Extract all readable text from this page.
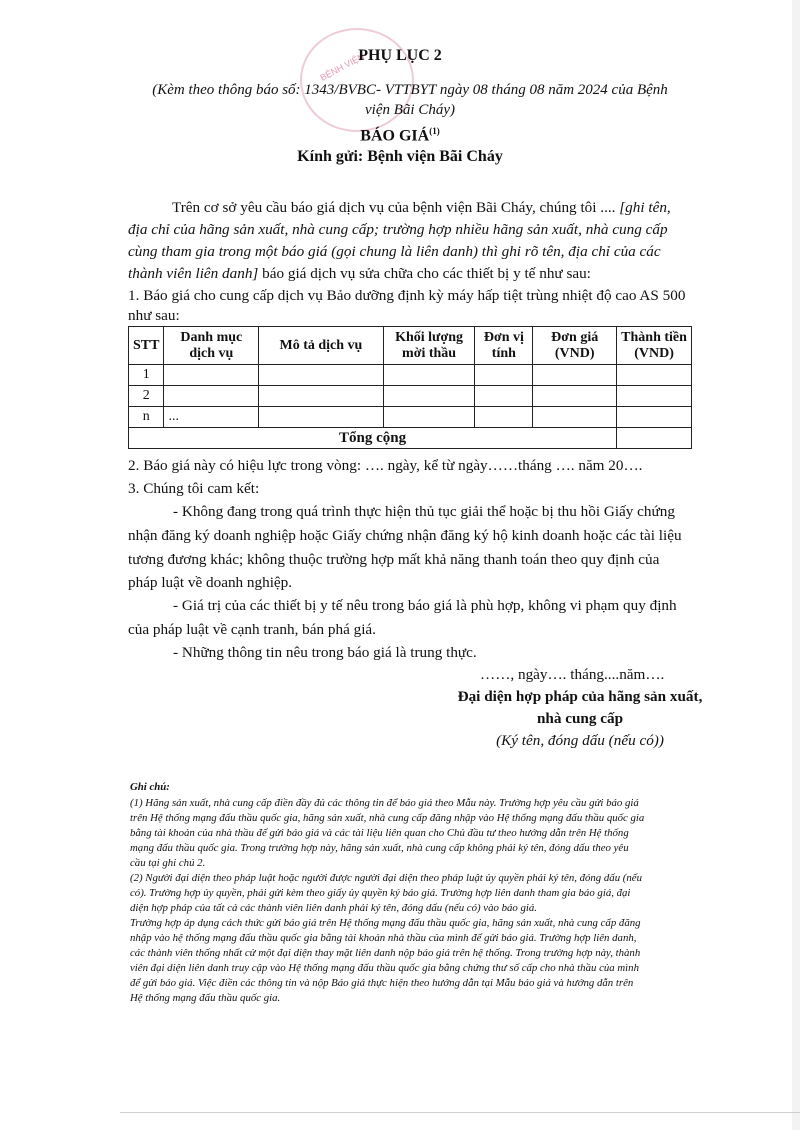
BỆNH VIỆN
PHỤ LỤC 2
(Kèm theo thông báo số: 1343/BVBC- VTTBYT ngày 08 tháng 08 năm 2024 của Bệnh
viện Bãi Cháy)
BÁO GIÁ$^{(1)}$
Kính gửi: Bệnh viện Bãi Cháy
Trên cơ sở yêu cầu báo giá dịch vụ của bệnh viện Bãi Cháy, chúng tôi .... [ghi tên,
địa chỉ của hãng sản xuất, nhà cung cấp; trường hợp nhiều hãng sản xuất, nhà cung cấp
cùng tham gia trong một báo giá (gọi chung là liên danh) thì ghi rõ tên, địa chỉ của các
thành viên liên danh] báo giá dịch vụ sửa chữa cho các thiết bị y tế như sau:
1. Báo giá cho cung cấp dịch vụ Bảo dưỡng định kỳ máy hấp tiệt trùng nhiệt độ cao AS 500
như sau:
STT	Danh mục dịch vụ	Mô tả dịch vụ	Khối lượng mời thầu	Đơn vị tính	Đơn giá (VND)	Thành tiền (VND)
1						
2						
n	...					
Tổng cộng						
2. Báo giá này có hiệu lực trong vòng: …. ngày, kể từ ngày……tháng …. năm 20….
3. Chúng tôi cam kết:
- Không đang trong quá trình thực hiện thủ tục giải thể hoặc bị thu hồi Giấy chứng
nhận đăng ký doanh nghiệp hoặc Giấy chứng nhận đăng ký hộ kinh doanh hoặc các tài liệu
tương đương khác; không thuộc trường hợp mất khả năng thanh toán theo quy định của
pháp luật về doanh nghiệp.
- Giá trị của các thiết bị y tế nêu trong báo giá là phù hợp, không vi phạm quy định
của pháp luật về cạnh tranh, bán phá giá.
- Những thông tin nêu trong báo giá là trung thực.
……, ngày…. tháng....năm….
Đại diện hợp pháp của hãng sản xuất,
nhà cung cấp
(Ký tên, đóng dấu (nếu có))
Ghi chú:
(1) Hãng sản xuất, nhà cung cấp điền đầy đủ các thông tin để báo giá theo Mẫu này. Trường hợp yêu cầu gửi báo giá
trên Hệ thống mạng đấu thầu quốc gia, hãng sản xuất, nhà cung cấp đăng nhập vào Hệ thống mạng đấu thầu quốc gia
bằng tài khoản của nhà thầu để gửi báo giá và các tài liệu liên quan cho Chủ đầu tư theo hướng dẫn trên Hệ thống
mạng đấu thầu quốc gia. Trong trường hợp này, hãng sản xuất, nhà cung cấp không phải ký tên, đóng dấu theo yêu
cầu tại ghi chú 2.
(2) Người đại diện theo pháp luật hoặc người được người đại diện theo pháp luật ủy quyền phải ký tên, đóng dấu (nếu
có). Trường hợp ủy quyền, phải gửi kèm theo giấy ủy quyền ký báo giá. Trường hợp liên danh tham gia báo giá, đại
diện hợp pháp của tất cả các thành viên liên danh phải ký tên, đóng dấu (nếu có) vào báo giá.
Trường hợp áp dụng cách thức gửi báo giá trên Hệ thống mạng đấu thầu quốc gia, hãng sản xuất, nhà cung cấp đăng
nhập vào hệ thống mạng đấu thầu quốc gia bằng tài khoản nhà thầu của mình để gửi báo giá. Trường hợp liên danh,
các thành viên thống nhất cử một đại diện thay mặt liên danh nộp báo giá trên hệ thống. Trong trường hợp này, thành
viên đại diện liên danh truy cập vào Hệ thống mạng đấu thầu quốc gia bằng chứng thư số cấp cho nhà thầu của mình
để gửi báo giá. Việc điền các thông tin và nộp Báo giá thực hiện theo hướng dẫn tại Mẫu báo giá và hướng dẫn trên
Hệ thống mạng đấu thầu quốc gia.
